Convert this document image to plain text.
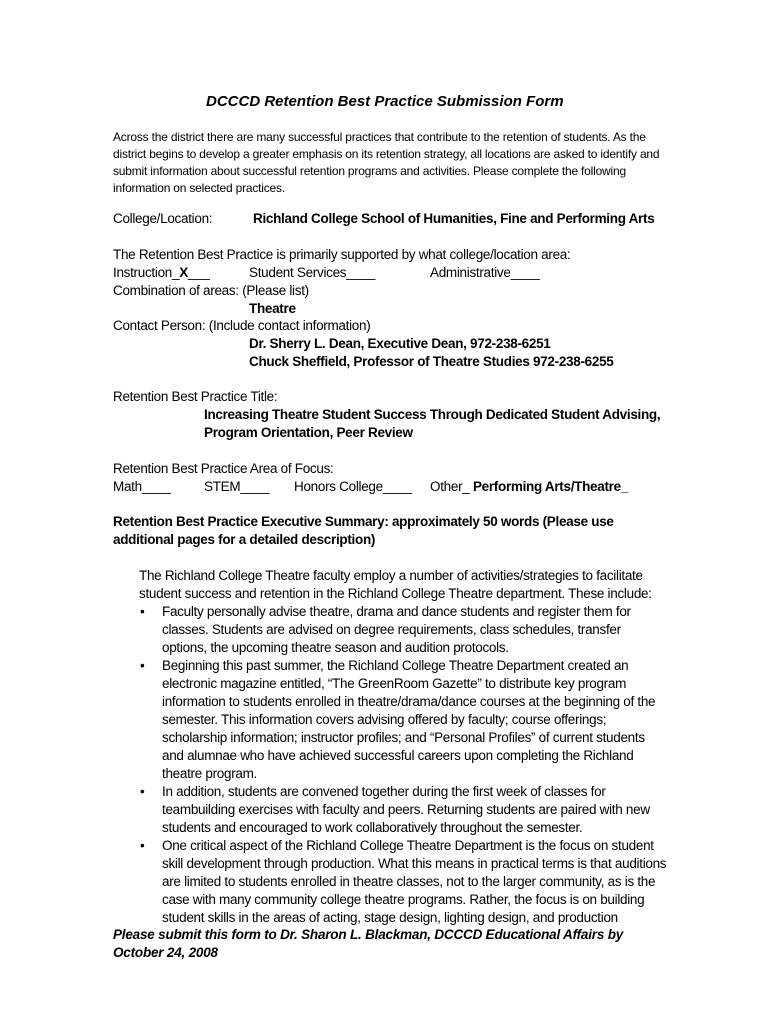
DCCCD Retention Best Practice Submission Form
Across the district there are many successful practices that contribute to the retention of students. As the district begins to develop a greater emphasis on its retention strategy, all locations are asked to identify and submit information about successful retention programs and activities. Please complete the following information on selected practices.
College/Location:	Richland College School of Humanities, Fine and Performing Arts
The Retention Best Practice is primarily supported by what college/location area:
Instruction_X___	Student Services____	Administrative____
Combination of areas: (Please list)
Theatre
Contact Person: (Include contact information)
Dr. Sherry L. Dean, Executive Dean, 972-238-6251
Chuck Sheffield, Professor of Theatre Studies 972-238-6255
Retention Best Practice Title:
Increasing Theatre Student Success Through Dedicated Student Advising,
Program Orientation, Peer Review
Retention Best Practice Area of Focus:
Math____ STEM____ Honors College____ Other_ Performing Arts/Theatre_
Retention Best Practice Executive Summary: approximately 50 words (Please use
additional pages for a detailed description)

The Richland College Theatre faculty employ a number of activities/strategies to facilitate student success and retention in the Richland College Theatre department. These include:

• Faculty personally advise theatre, drama and dance students and register them for classes. Students are advised on degree requirements, class schedules, transfer options, the upcoming theatre season and audition protocols.
• Beginning this past summer, the Richland College Theatre Department created an electronic magazine entitled, “The GreenRoom Gazette” to distribute key program information to students enrolled in theatre/drama/dance courses at the beginning of the semester. This information covers advising offered by faculty; course offerings; scholarship information; instructor profiles; and “Personal Profiles” of current students and alumnae who have achieved successful careers upon completing the Richland theatre program.
• In addition, students are convened together during the first week of classes for teambuilding exercises with faculty and peers. Returning students are paired with new students and encouraged to work collaboratively throughout the semester.
• One critical aspect of the Richland College Theatre Department is the focus on student skill development through production. What this means in practical terms is that auditions are limited to students enrolled in theatre classes, not to the larger community, as is the case with many community college theatre programs. Rather, the focus is on building student skills in the areas of acting, stage design, lighting design, and production
Please submit this form to Dr. Sharon L. Blackman, DCCCD Educational Affairs by October 24, 2008
